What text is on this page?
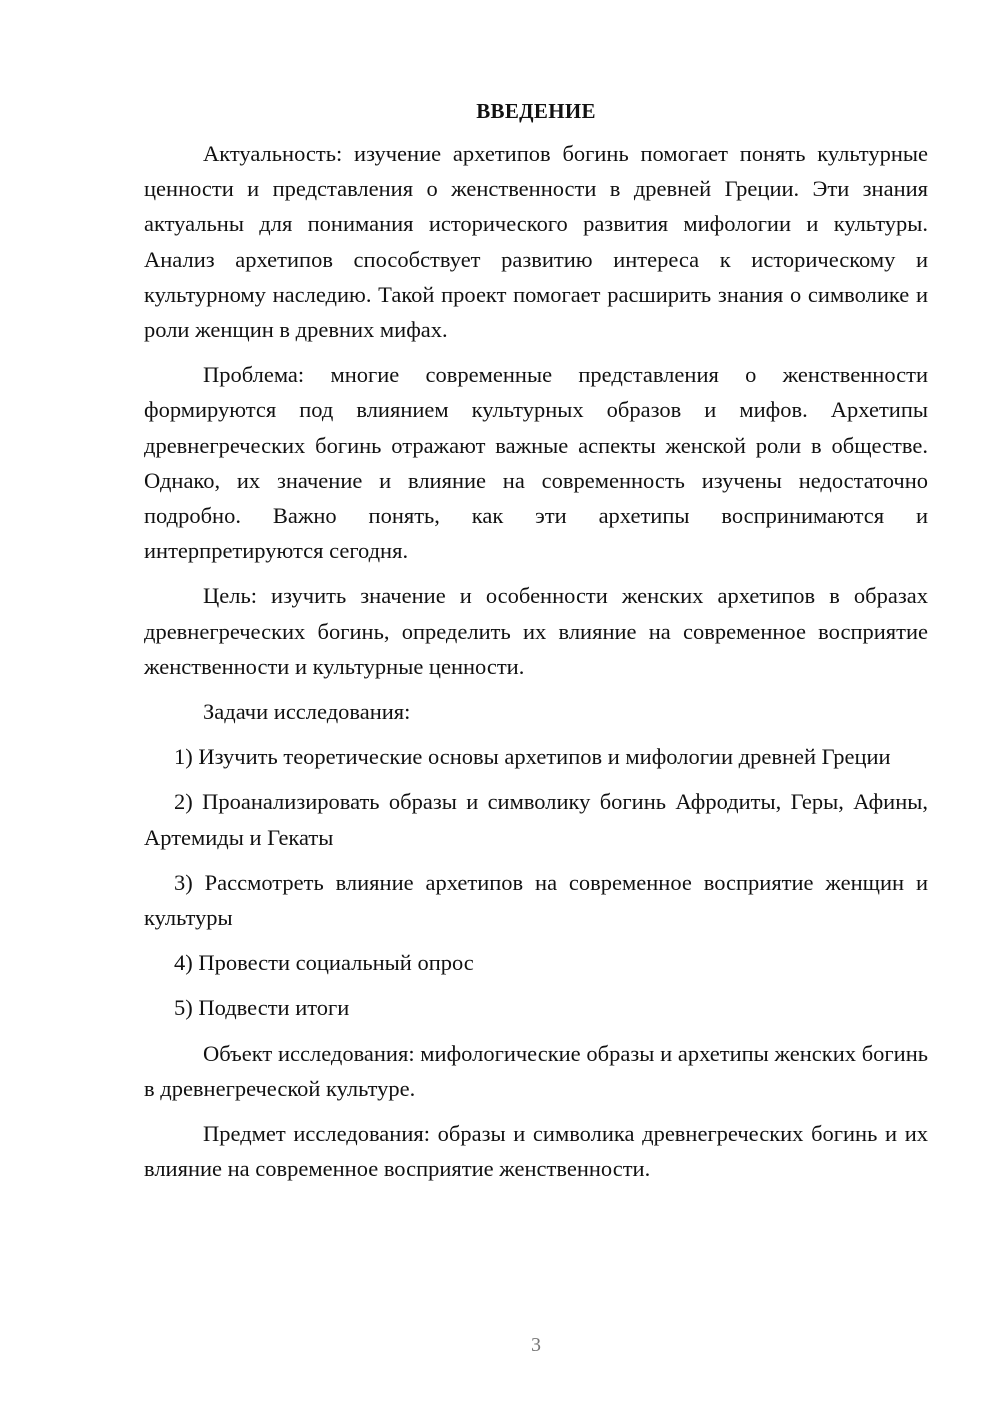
ВВЕДЕНИЕ

Актуальность: изучение архетипов богинь помогает понять культурные ценности и представления о женственности в древней Греции. Эти знания актуальны для понимания исторического развития мифологии и культуры. Анализ архетипов способствует развитию интереса к историческому и культурному наследию. Такой проект помогает расширить знания о символике и роли женщин в древних мифах.

Проблема: многие современные представления о женственности формируются под влиянием культурных образов и мифов. Архетипы древнегреческих богинь отражают важные аспекты женской роли в обществе. Однако, их значение и влияние на современность изучены недостаточно подробно. Важно понять, как эти архетипы воспринимаются и интерпретируются сегодня.

Цель: изучить значение и особенности женских архетипов в образах древнегреческих богинь, определить их влияние на современное восприятие женственности и культурные ценности.

Задачи исследования:

1) Изучить теоретические основы архетипов и мифологии древней Греции

2) Проанализировать образы и символику богинь Афродиты, Геры, Афины, Артемиды и Гекаты

3) Рассмотреть влияние архетипов на современное восприятие женщин и культуры

4) Провести социальный опрос

5) Подвести итоги

Объект исследования: мифологические образы и архетипы женских богинь в древнегреческой культуре.

Предмет исследования: образы и символика древнегреческих богинь и их влияние на современное восприятие женственности.

3
